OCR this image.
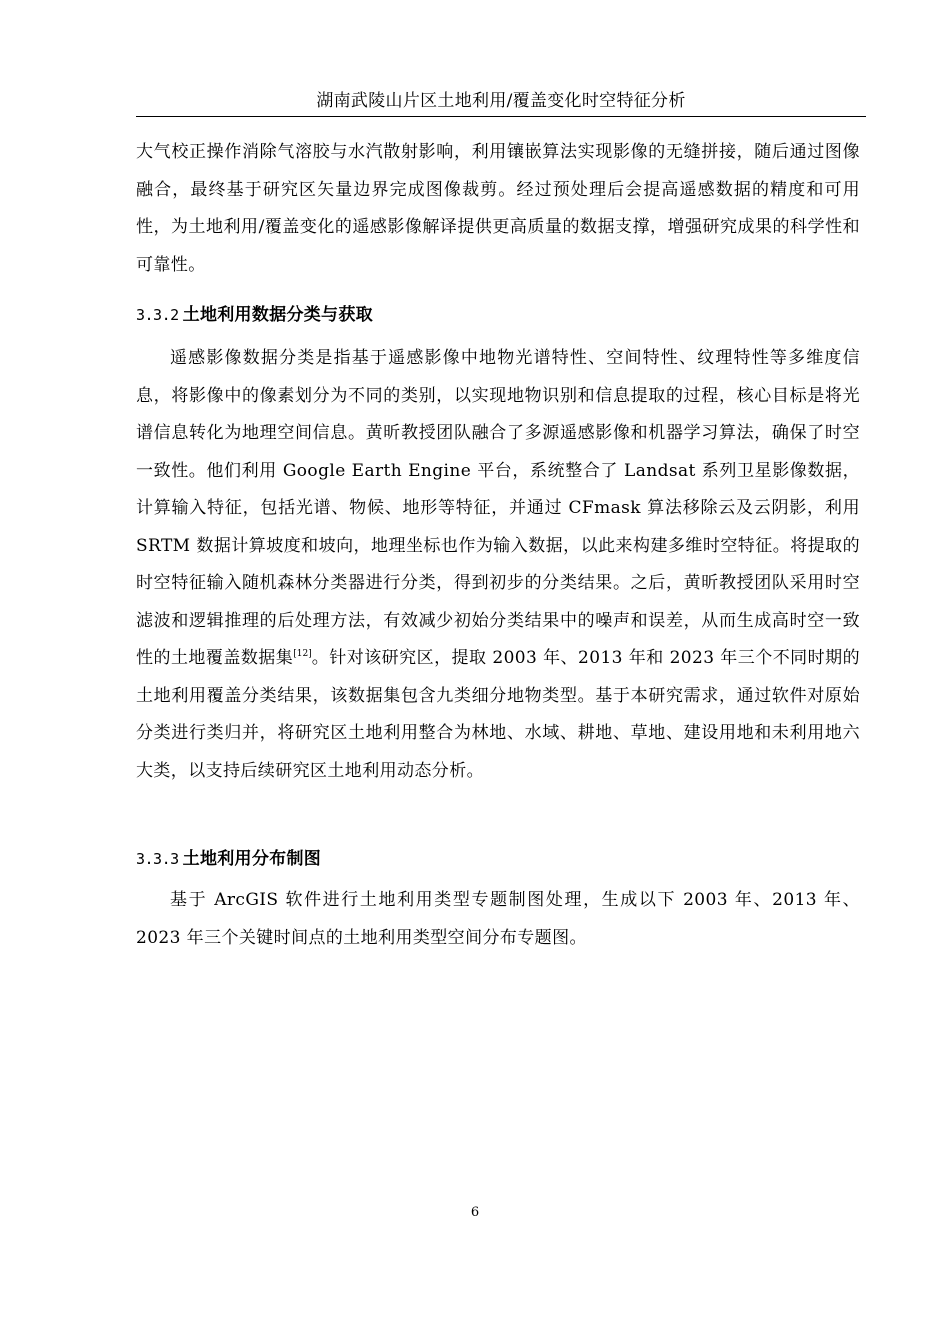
湖南武陵山片区土地利用/覆盖变化时空特征分析

大气校正操作消除气溶胶与水汽散射影响，利用镶嵌算法实现影像的无缝拼接，随后通过图像融合，最终基于研究区矢量边界完成图像裁剪。经过预处理后会提高遥感数据的精度和可用性，为土地利用/覆盖变化的遥感影像解译提供更高质量的数据支撑，增强研究成果的科学性和可靠性。

3.3.2 土地利用数据分类与获取

遥感影像数据分类是指基于遥感影像中地物光谱特性、空间特性、纹理特性等多维度信息，将影像中的像素划分为不同的类别，以实现地物识别和信息提取的过程，核心目标是将光谱信息转化为地理空间信息。黄昕教授团队融合了多源遥感影像和机器学习算法，确保了时空一致性。他们利用 Google Earth Engine 平台，系统整合了 Landsat 系列卫星影像数据，计算输入特征，包括光谱、物候、地形等特征，并通过 CFmask 算法移除云及云阴影，利用 SRTM 数据计算坡度和坡向，地理坐标也作为输入数据，以此来构建多维时空特征。将提取的时空特征输入随机森林分类器进行分类，得到初步的分类结果。之后，黄昕教授团队采用时空滤波和逻辑推理的后处理方法，有效减少初始分类结果中的噪声和误差，从而生成高时空一致性的土地覆盖数据集[12]。针对该研究区，提取 2003 年、2013 年和 2023 年三个不同时期的土地利用覆盖分类结果，该数据集包含九类细分地物类型。基于本研究需求，通过软件对原始分类进行类归并，将研究区土地利用整合为林地、水域、耕地、草地、建设用地和未利用地六大类，以支持后续研究区土地利用动态分析。

3.3.3 土地利用分布制图

基于 ArcGIS 软件进行土地利用类型专题制图处理，生成以下 2003 年、2013 年、2023 年三个关键时间点的土地利用类型空间分布专题图。

6
